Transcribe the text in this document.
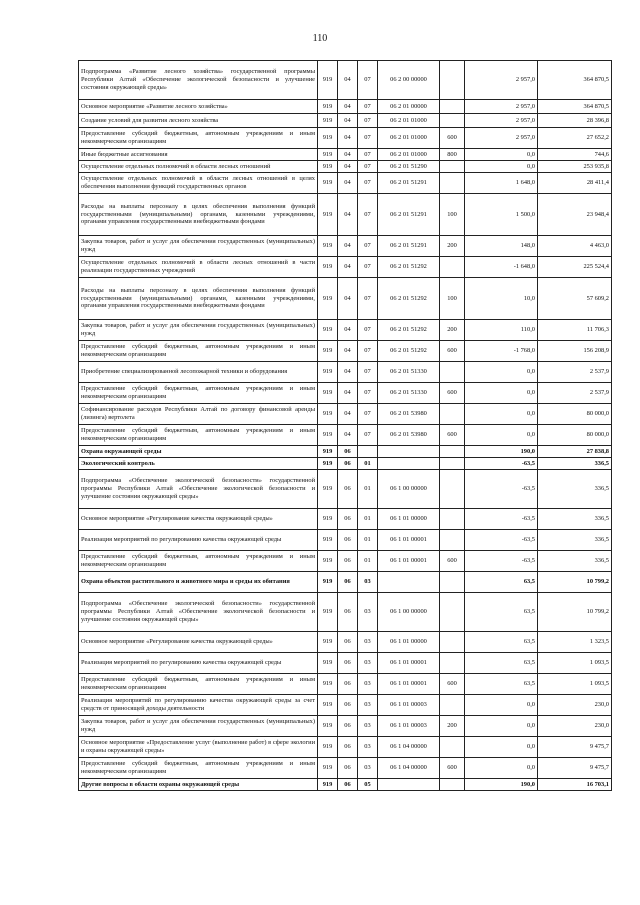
110
Подпрограмма «Развитие лесного хозяйства» государственной программы Республики Алтай «Обеспечение экологической безопасности и улучшение состояния окружающей среды»	919	04	07	06 2 00 00000		2 957,0	364 870,5
Основное мероприятие «Развитие лесного хозяйства»	919	04	07	06 2 01 00000		2 957,0	364 870,5
Создание условий для развития лесного хозяйства	919	04	07	06 2 01 01000		2 957,0	28 396,8
Предоставление субсидий бюджетным, автономным учреждениям и иным некоммерческим организациям	919	04	07	06 2 01 01000	600	2 957,0	27 652,2
Иные бюджетные ассигнования	919	04	07	06 2 01 01000	800	0,0	744,6
Осуществление отдельных полномочий в области лесных отношений	919	04	07	06 2 01 51290		0,0	253 935,8
Осуществление отдельных полномочий в области лесных отношений в целях обеспечения выполнения функций государственных органов	919	04	07	06 2 01 51291		1 648,0	28 411,4
Расходы на выплаты персоналу в целях обеспечения выполнения функций государственными (муниципальными) органами, казенными учреждениями, органами управления государственными внебюджетными фондами	919	04	07	06 2 01 51291	100	1 500,0	23 948,4
Закупка товаров, работ и услуг для обеспечения государственных (муниципальных) нужд	919	04	07	06 2 01 51291	200	148,0	4 463,0
Осуществление отдельных полномочий в области лесных отношений в части реализации государственных учреждений	919	04	07	06 2 01 51292		-1 648,0	225 524,4
Расходы на выплаты персоналу в целях обеспечения выполнения функций государственными (муниципальными) органами, казенными учреждениями, органами управления государственными внебюджетными фондами	919	04	07	06 2 01 51292	100	10,0	57 609,2
Закупка товаров, работ и услуг для обеспечения государственных (муниципальных) нужд	919	04	07	06 2 01 51292	200	110,0	11 706,3
Предоставление субсидий бюджетным, автономным учреждениям и иным некоммерческим организациям	919	04	07	06 2 01 51292	600	-1 768,0	156 208,9
Приобретение специализированной лесопожарной техники и оборудования	919	04	07	06 2 01 51330		0,0	2 537,9
Предоставление субсидий бюджетным, автономным учреждениям и иным некоммерческим организациям	919	04	07	06 2 01 51330	600	0,0	2 537,9
Софинансирование расходов Республики Алтай по договору финансовой аренды (лизинга) вертолета	919	04	07	06 2 01 53980		0,0	80 000,0
Предоставление субсидий бюджетным, автономным учреждениям и иным некоммерческим организациям	919	04	07	06 2 01 53980	600	0,0	80 000,0
Охрана окружающей среды	919	06				190,0	27 838,8
Экологический контроль	919	06	01			-63,5	336,5
Подпрограмма «Обеспечение экологической безопасности» государственной программы Республики Алтай «Обеспечение экологической безопасности и улучшение состояния окружающей среды»	919	06	01	06 1 00 00000		-63,5	336,5
Основное мероприятие «Регулирование качества окружающей среды»	919	06	01	06 1 01 00000		-63,5	336,5
Реализация мероприятий по регулированию качества окружающей среды	919	06	01	06 1 01 00001		-63,5	336,5
Предоставление субсидий бюджетным, автономным учреждениям и иным некоммерческим организациям	919	06	01	06 1 01 00001	600	-63,5	336,5
Охрана объектов растительного и животного мира и среды их обитания	919	06	03			63,5	10 799,2
Подпрограмма «Обеспечение экологической безопасности» государственной программы Республики Алтай «Обеспечение экологической безопасности и улучшение состояния окружающей среды»	919	06	03	06 1 00 00000		63,5	10 799,2
Основное мероприятие «Регулирование качества окружающей среды»	919	06	03	06 1 01 00000		63,5	1 323,5
Реализация мероприятий по регулированию качества окружающей среды	919	06	03	06 1 01 00001		63,5	1 093,5
Предоставление субсидий бюджетным, автономным учреждениям и иным некоммерческим организациям	919	06	03	06 1 01 00001	600	63,5	1 093,5
Реализация мероприятий по регулированию качества окружающей среды за счет средств от приносящей доходы деятельности	919	06	03	06 1 01 00003		0,0	230,0
Закупка товаров, работ и услуг для обеспечения государственных (муниципальных) нужд	919	06	03	06 1 01 00003	200	0,0	230,0
Основное мероприятие «Предоставление услуг (выполнение работ) в сфере экологии и охраны окружающей среды»	919	06	03	06 1 04 00000		0,0	9 475,7
Предоставление субсидий бюджетным, автономным учреждениям и иным некоммерческим организациям	919	06	03	06 1 04 00000	600	0,0	9 475,7
Другие вопросы в области охраны окружающей среды	919	06	05			190,0	16 703,1
